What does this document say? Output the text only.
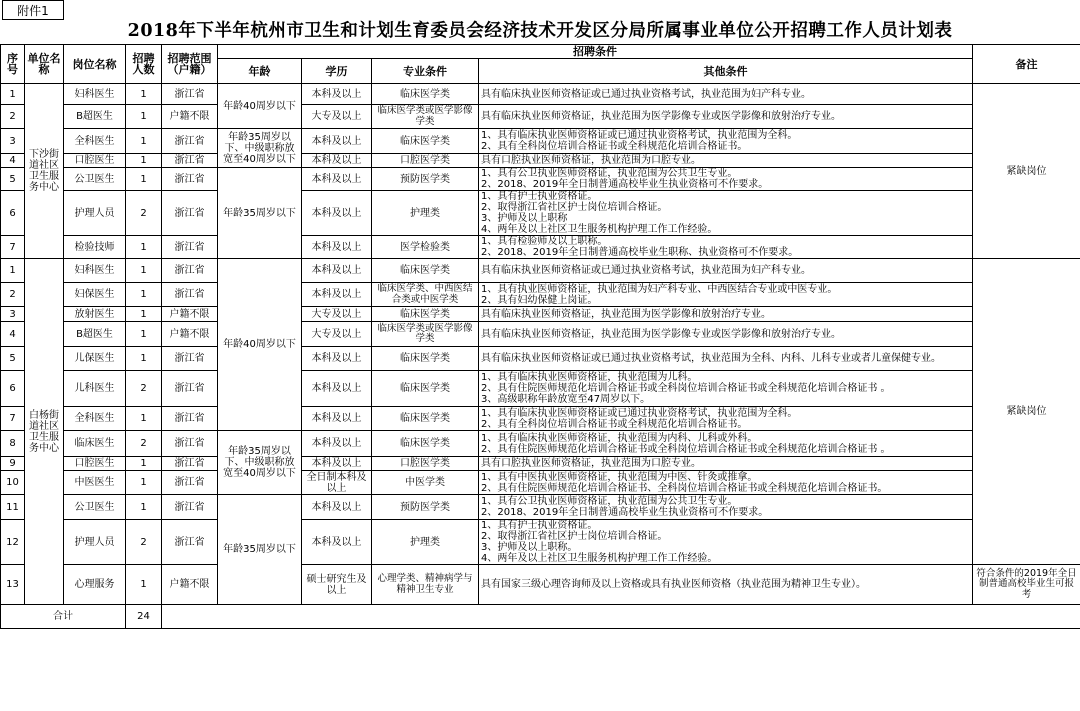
附件1
2018年下半年杭州市卫生和计划生育委员会经济技术开发区分局所属事业单位公开招聘工作人员计划表
序号	单位名称	岗位名称	招聘人数	招聘范围（户籍）	招聘条件				备注
					年龄	学历	专业条件	其他条件	
1	下沙街道社区卫生服务中心	妇科医生	1	浙江省	年龄40周岁以下	本科及以上	临床医学类	具有临床执业医师资格证或已通过执业资格考试，执业范围为妇产科专业。	紧缺岗位
2		B超医生	1	户籍不限		大专及以上	临床医学类或医学影像学类	具有临床执业医师资格证，执业范围为医学影像专业或医学影像和放射治疗专业。	
3		全科医生	1	浙江省	年龄35周岁以下、中级职称放宽至40周岁以下	本科及以上	临床医学类	1、具有临床执业医师资格证或已通过执业资格考试，执业范围为全科。
2、具有全科岗位培训合格证书或全科规范化培训合格证书。	
4		口腔医生	1	浙江省		本科及以上	口腔医学类	具有口腔执业医师资格证，执业范围为口腔专业。	
5		公卫医生	1	浙江省	年龄35周岁以下	本科及以上	预防医学类	1、具有公卫执业医师资格证，执业范围为公共卫生专业。
2、2018、2019年全日制普通高校毕业生执业资格可不作要求。	
6		护理人员	2	浙江省		本科及以上	护理类	1、具有护士执业资格证。
2、取得浙江省社区护士岗位培训合格证。
3、护师及以上职称
4、两年及以上社区卫生服务机构护理工作工作经验。	
7		检验技师	1	浙江省		本科及以上	医学检验类	1、具有检验师及以上职称。
2、2018、2019年全日制普通高校毕业生职称、执业资格可不作要求。	
1	白杨街道社区卫生服务中心	妇科医生	1	浙江省	年龄40周岁以下	本科及以上	临床医学类	具有临床执业医师资格证或已通过执业资格考试，执业范围为妇产科专业。	紧缺岗位
2		妇保医生	1	浙江省		本科及以上	临床医学类、中西医结合类或中医学类	1、具有执业医师资格证，执业范围为妇产科专业、中西医结合专业或中医专业。
2、具有妇幼保健上岗证。	
3		放射医生	1	户籍不限		大专及以上	临床医学类	具有临床执业医师资格证，执业范围为医学影像和放射治疗专业。	
4		B超医生	1	户籍不限		大专及以上	临床医学类或医学影像学类	具有临床执业医师资格证，执业范围为医学影像专业或医学影像和放射治疗专业。	
5		儿保医生	1	浙江省		本科及以上	临床医学类	具有临床执业医师资格证或已通过执业资格考试，执业范围为全科、内科、儿科专业或者儿童保健专业。	
6		儿科医生	2	浙江省		本科及以上	临床医学类	1、具有临床执业医师资格证，执业范围为儿科。
2、具有住院医师规范化培训合格证书或全科岗位培训合格证书或全科规范化培训合格证书 。
3、高级职称年龄放宽至47周岁以下。	
7		全科医生	1	浙江省		本科及以上	临床医学类	1、具有临床执业医师资格证或已通过执业资格考试，执业范围为全科。
2、具有全科岗位培训合格证书或全科规范化培训合格证书。	
8		临床医生	2	浙江省	年龄35周岁以下、中级职称放宽至40周岁以下	本科及以上	临床医学类	1、具有临床执业医师资格证，执业范围为内科、儿科或外科。
2、具有住院医师规范化培训合格证书或全科岗位培训合格证书或全科规范化培训合格证书 。	
9		口腔医生	1	浙江省		本科及以上	口腔医学类	具有口腔执业医师资格证，执业范围为口腔专业。	
10		中医医生	1	浙江省		全日制本科及以上	中医学类	1、具有中医执业医师资格证，执业范围为中医、针灸或推拿。
2、具有住院医师规范化培训合格证书、全科岗位培训合格证书或全科规范化培训合格证书。	
11		公卫医生	1	浙江省	年龄35周岁以下	本科及以上	预防医学类	1、具有公卫执业医师资格证，执业范围为公共卫生专业。
2、2018、2019年全日制普通高校毕业生执业资格可不作要求。	
12		护理人员	2	浙江省		本科及以上	护理类	1、具有护士执业资格证。
2、取得浙江省社区护士岗位培训合格证。
3、护师及以上职称。
4、两年及以上社区卫生服务机构护理工作工作经验。	
13		心理服务	1	户籍不限		硕士研究生及以上	心理学类、精神病学与精神卫生专业	具有国家三级心理咨询师及以上资格或具有执业医师资格（执业范围为精神卫生专业）。	符合条件的2019年全日制普通高校毕业生可报考
合计			24						
